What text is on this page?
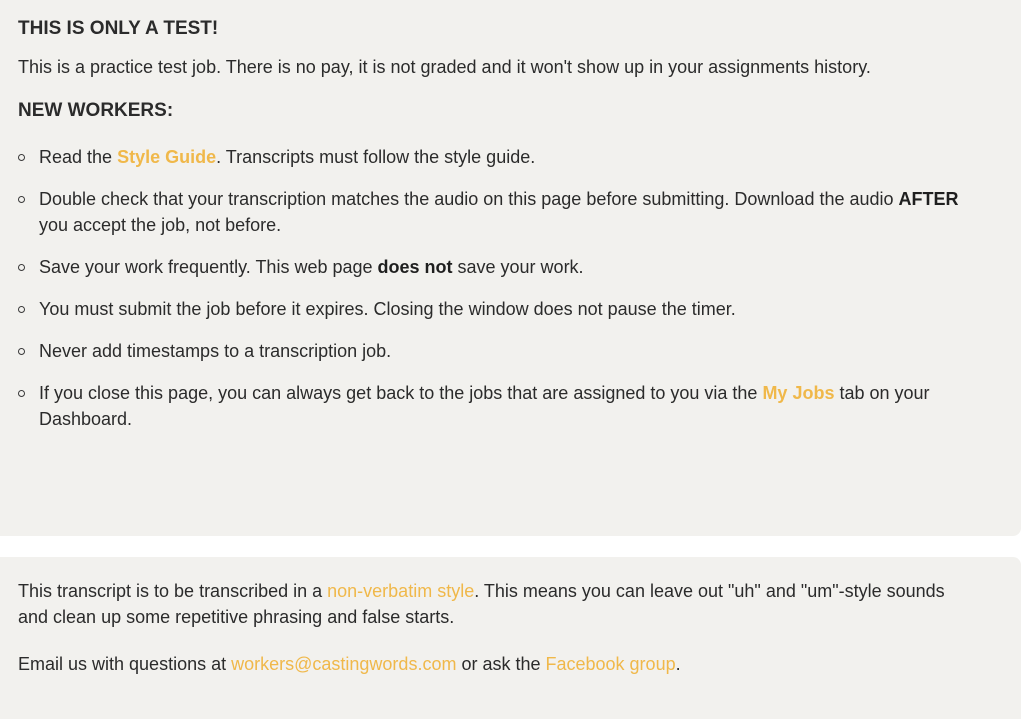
THIS IS ONLY A TEST!

This is a practice test job. There is no pay, it is not graded and it won't show up in your assignments history.

NEW WORKERS:
Read the Style Guide. Transcripts must follow the style guide.
Double check that your transcription matches the audio on this page before submitting. Download the audio AFTER you accept the job, not before.
Save your work frequently. This web page does not save your work.
You must submit the job before it expires. Closing the window does not pause the timer.
Never add timestamps to a transcription job.
If you close this page, you can always get back to the jobs that are assigned to you via the My Jobs tab on your Dashboard.

This transcript is to be transcribed in a non-verbatim style. This means you can leave out "uh" and "um"-style sounds and clean up some repetitive phrasing and false starts.

Email us with questions at workers@castingwords.com or ask the Facebook group.
